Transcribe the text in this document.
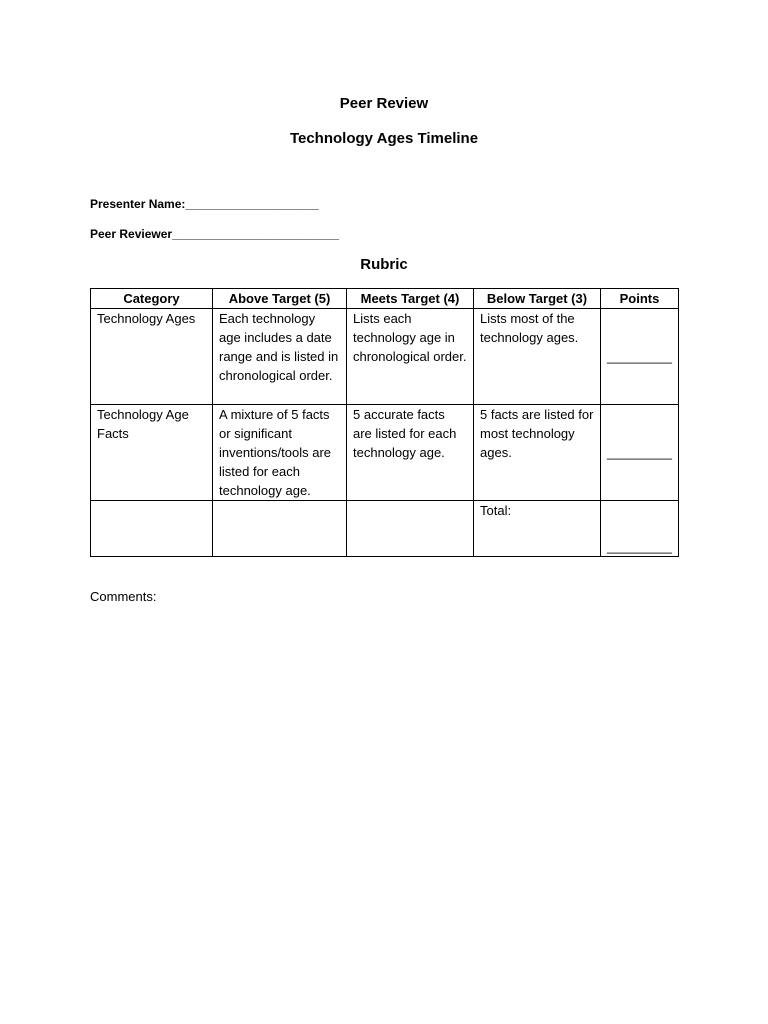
Peer Review
Technology Ages Timeline
Presenter Name:____________________
Peer Reviewer_________________________
Rubric
Category	Above Target (5)	Meets Target (4)	Below Target (3)	Points
Technology Ages	Each technology age includes a date range and is listed in chronological order.	Lists each technology age in chronological order.	Lists most of the technology ages.	_________
Technology Age Facts	A mixture of 5 facts or significant inventions/tools are listed for each technology age.	5 accurate facts are listed for each technology age.	5 facts are listed for most technology ages.	_________
			Total:	_________
Comments:
